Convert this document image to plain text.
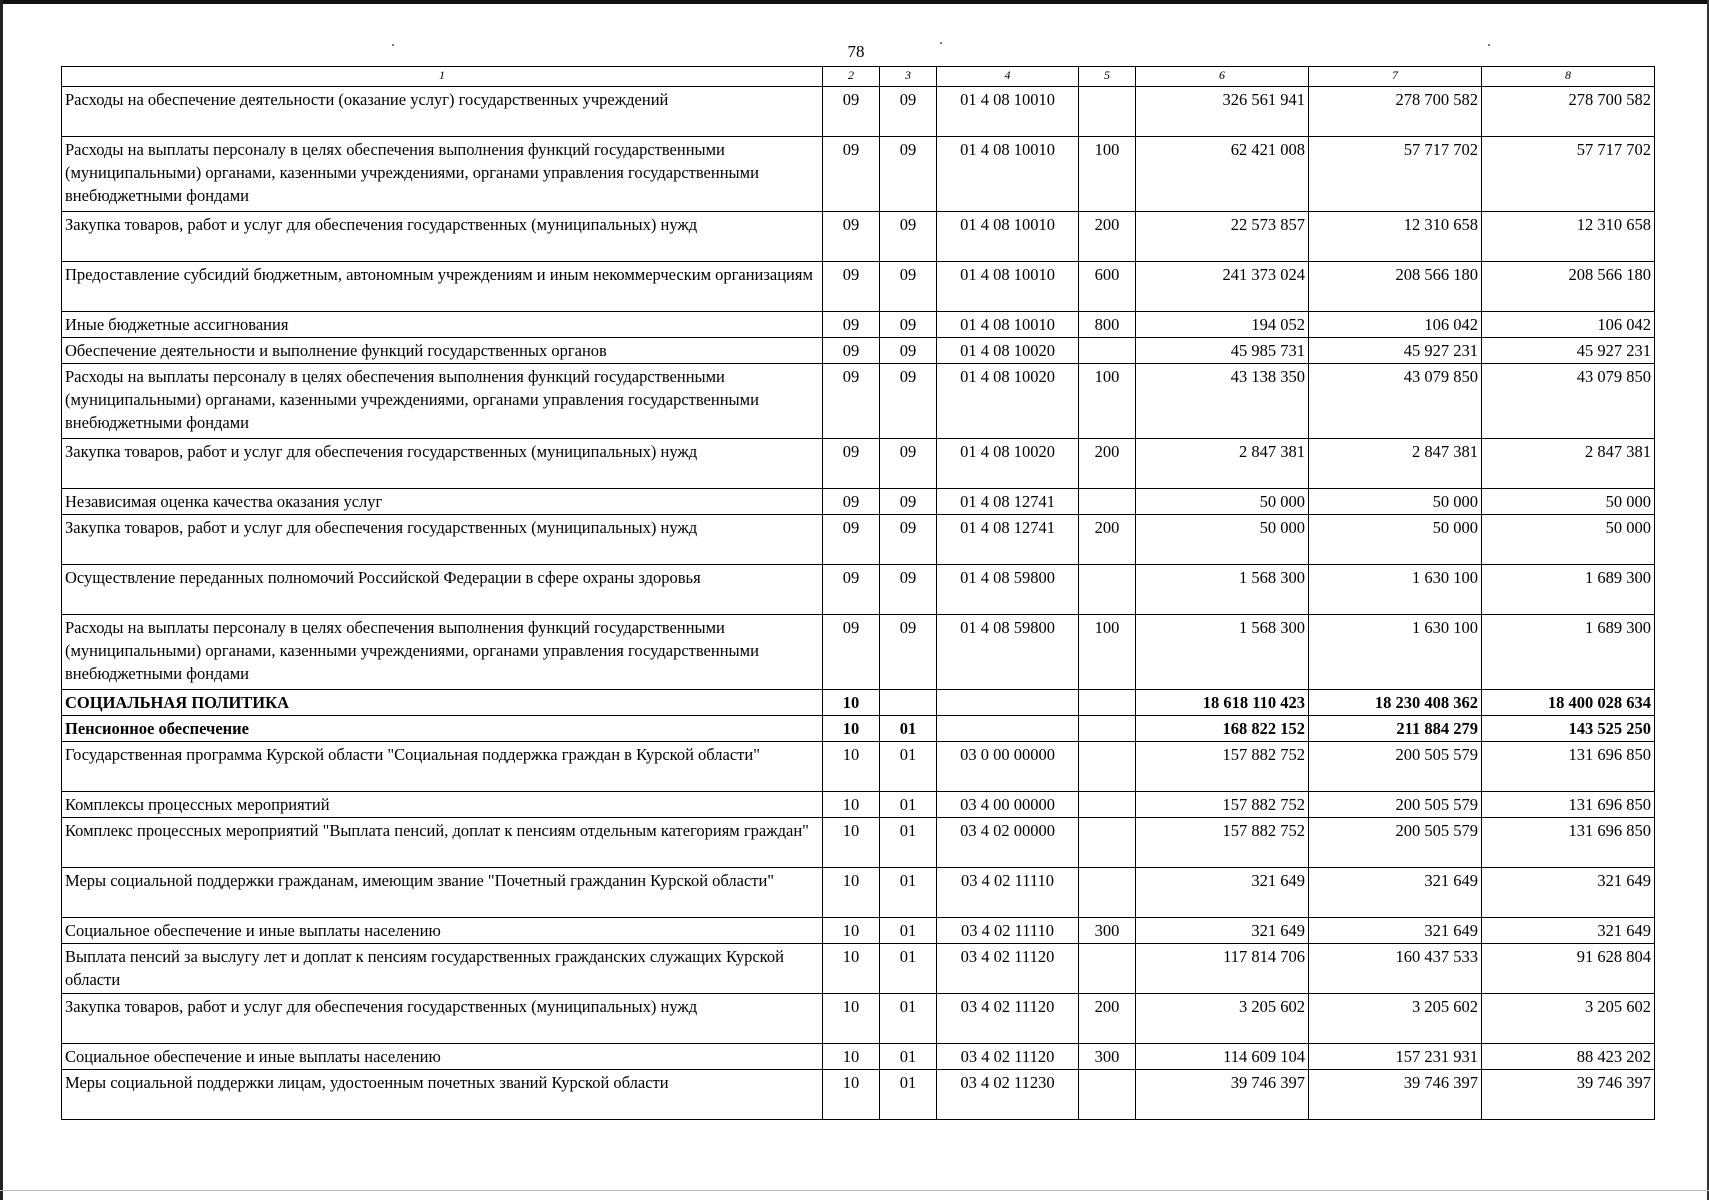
78
1	2	3	4	5	6	7	8
Расходы на обеспечение деятельности (оказание услуг) государственных учреждений	09	09	01 4 08 10010		326 561 941	278 700 582	278 700 582
Расходы на выплаты персоналу в целях обеспечения выполнения функций государственными (муниципальными) органами, казенными учреждениями, органами управления государственными внебюджетными фондами	09	09	01 4 08 10010	100	62 421 008	57 717 702	57 717 702
Закупка товаров, работ и услуг для обеспечения государственных (муниципальных) нужд	09	09	01 4 08 10010	200	22 573 857	12 310 658	12 310 658
Предоставление субсидий бюджетным, автономным учреждениям и иным некоммерческим организациям	09	09	01 4 08 10010	600	241 373 024	208 566 180	208 566 180
Иные бюджетные ассигнования	09	09	01 4 08 10010	800	194 052	106 042	106 042
Обеспечение деятельности и выполнение функций государственных органов	09	09	01 4 08 10020		45 985 731	45 927 231	45 927 231
Расходы на выплаты персоналу в целях обеспечения выполнения функций государственными (муниципальными) органами, казенными учреждениями, органами управления государственными внебюджетными фондами	09	09	01 4 08 10020	100	43 138 350	43 079 850	43 079 850
Закупка товаров, работ и услуг для обеспечения государственных (муниципальных) нужд	09	09	01 4 08 10020	200	2 847 381	2 847 381	2 847 381
Независимая оценка качества оказания услуг	09	09	01 4 08 12741		50 000	50 000	50 000
Закупка товаров, работ и услуг для обеспечения государственных (муниципальных) нужд	09	09	01 4 08 12741	200	50 000	50 000	50 000
Осуществление переданных полномочий Российской Федерации в сфере охраны здоровья	09	09	01 4 08 59800		1 568 300	1 630 100	1 689 300
Расходы на выплаты персоналу в целях обеспечения выполнения функций государственными (муниципальными) органами, казенными учреждениями, органами управления государственными внебюджетными фондами	09	09	01 4 08 59800	100	1 568 300	1 630 100	1 689 300
СОЦИАЛЬНАЯ ПОЛИТИКА	10				18 618 110 423	18 230 408 362	18 400 028 634
Пенсионное обеспечение	10	01			168 822 152	211 884 279	143 525 250
Государственная программа Курской области "Социальная поддержка граждан в Курской области"	10	01	03 0 00 00000		157 882 752	200 505 579	131 696 850
Комплексы процессных мероприятий	10	01	03 4 00 00000		157 882 752	200 505 579	131 696 850
Комплекс процессных мероприятий "Выплата пенсий, доплат к пенсиям отдельным категориям граждан"	10	01	03 4 02 00000		157 882 752	200 505 579	131 696 850
Меры социальной поддержки гражданам, имеющим звание "Почетный гражданин Курской области"	10	01	03 4 02 11110		321 649	321 649	321 649
Социальное обеспечение и иные выплаты населению	10	01	03 4 02 11110	300	321 649	321 649	321 649
Выплата пенсий за выслугу лет и доплат к пенсиям государственных гражданских служащих Курской области	10	01	03 4 02 11120		117 814 706	160 437 533	91 628 804
Закупка товаров, работ и услуг для обеспечения государственных (муниципальных) нужд	10	01	03 4 02 11120	200	3 205 602	3 205 602	3 205 602
Социальное обеспечение и иные выплаты населению	10	01	03 4 02 11120	300	114 609 104	157 231 931	88 423 202
Меры социальной поддержки лицам, удостоенным почетных званий Курской области	10	01	03 4 02 11230		39 746 397	39 746 397	39 746 397
